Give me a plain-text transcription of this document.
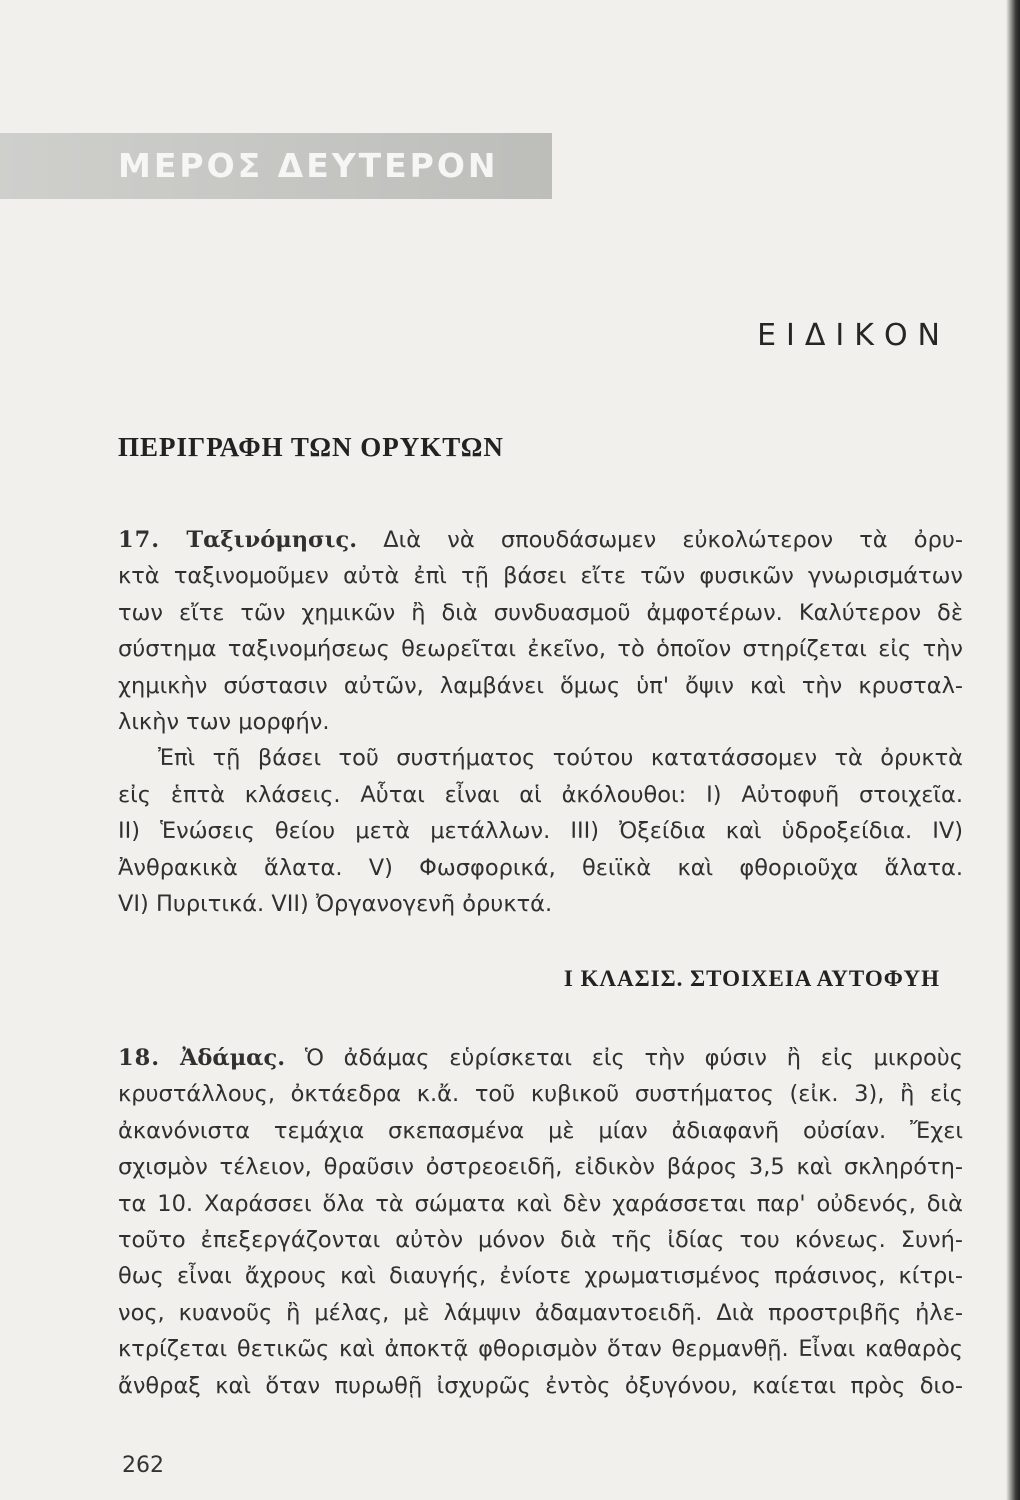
ΜΕΡΟΣ ΔΕΥΤΕΡΟΝ
ΕΙΔΙΚΟΝ
ΠΕΡΙΓΡΑΦΗ ΤΩΝ ΟΡΥΚΤΩΝ
17. Ταξινόμησις. Διὰ νὰ σπουδάσωμεν εὐκολώτερον τὰ ὀρυ-
κτὰ ταξινομοῦμεν αὐτὰ ἐπὶ τῇ βάσει εἴτε τῶν φυσικῶν γνωρισμάτων
των εἴτε τῶν χημικῶν ἢ διὰ συνδυασμοῦ ἀμφοτέρων. Καλύτερον δὲ
σύστημα ταξινομήσεως θεωρεῖται ἐκεῖνο, τὸ ὁποῖον στηρίζεται εἰς τὴν
χημικὴν σύστασιν αὐτῶν, λαμβάνει ὅμως ὑπ' ὄψιν καὶ τὴν κρυσταλ-
λικὴν των μορφήν.
Ἐπὶ τῇ βάσει τοῦ συστήματος τούτου κατατάσσομεν τὰ ὀρυκτὰ
εἰς ἑπτὰ κλάσεις. Αὗται εἶναι αἱ ἀκόλουθοι: Ι) Αὐτοφυῆ στοιχεῖα.
ΙΙ) Ἑνώσεις θείου μετὰ μετάλλων. ΙΙΙ) Ὀξείδια καὶ ὑδροξείδια. ΙV)
Ἀνθρακικὰ ἅλατα. V) Φωσφορικά, θειϊκὰ καὶ φθοριοῦχα ἅλατα.
VI) Πυριτικά. VII) Ὀργανογενῆ ὀρυκτά.
Ι ΚΛΑΣΙΣ. ΣΤΟΙΧΕΙΑ ΑΥΤΟΦΥΗ
18. Ἀδάμας. Ὁ ἀδάμας εὑρίσκεται εἰς τὴν φύσιν ἢ εἰς μικροὺς
κρυστάλλους, ὀκτάεδρα κ.ἄ. τοῦ κυβικοῦ συστήματος (εἰκ. 3), ἢ εἰς
ἀκανόνιστα τεμάχια σκεπασμένα μὲ μίαν ἀδιαφανῆ οὐσίαν. Ἔχει
σχισμὸν τέλειον, θραῦσιν ὀστρεοειδῆ, εἰδικὸν βάρος 3,5 καὶ σκληρότη-
τα 10. Χαράσσει ὅλα τὰ σώματα καὶ δὲν χαράσσεται παρ' οὐδενός, διὰ
τοῦτο ἐπεξεργάζονται αὐτὸν μόνον διὰ τῆς ἰδίας του κόνεως. Συνή-
θως εἶναι ἄχρους καὶ διαυγής, ἐνίοτε χρωματισμένος πράσινος, κίτρι-
νος, κυανοῦς ἢ μέλας, μὲ λάμψιν ἀδαμαντοειδῆ. Διὰ προστριβῆς ἠλε-
κτρίζεται θετικῶς καὶ ἀποκτᾷ φθορισμὸν ὅταν θερμανθῇ. Εἶναι καθαρὸς
ἄνθραξ καὶ ὅταν πυρωθῇ ἰσχυρῶς ἐντὸς ὀξυγόνου, καίεται πρὸς διο-
262
